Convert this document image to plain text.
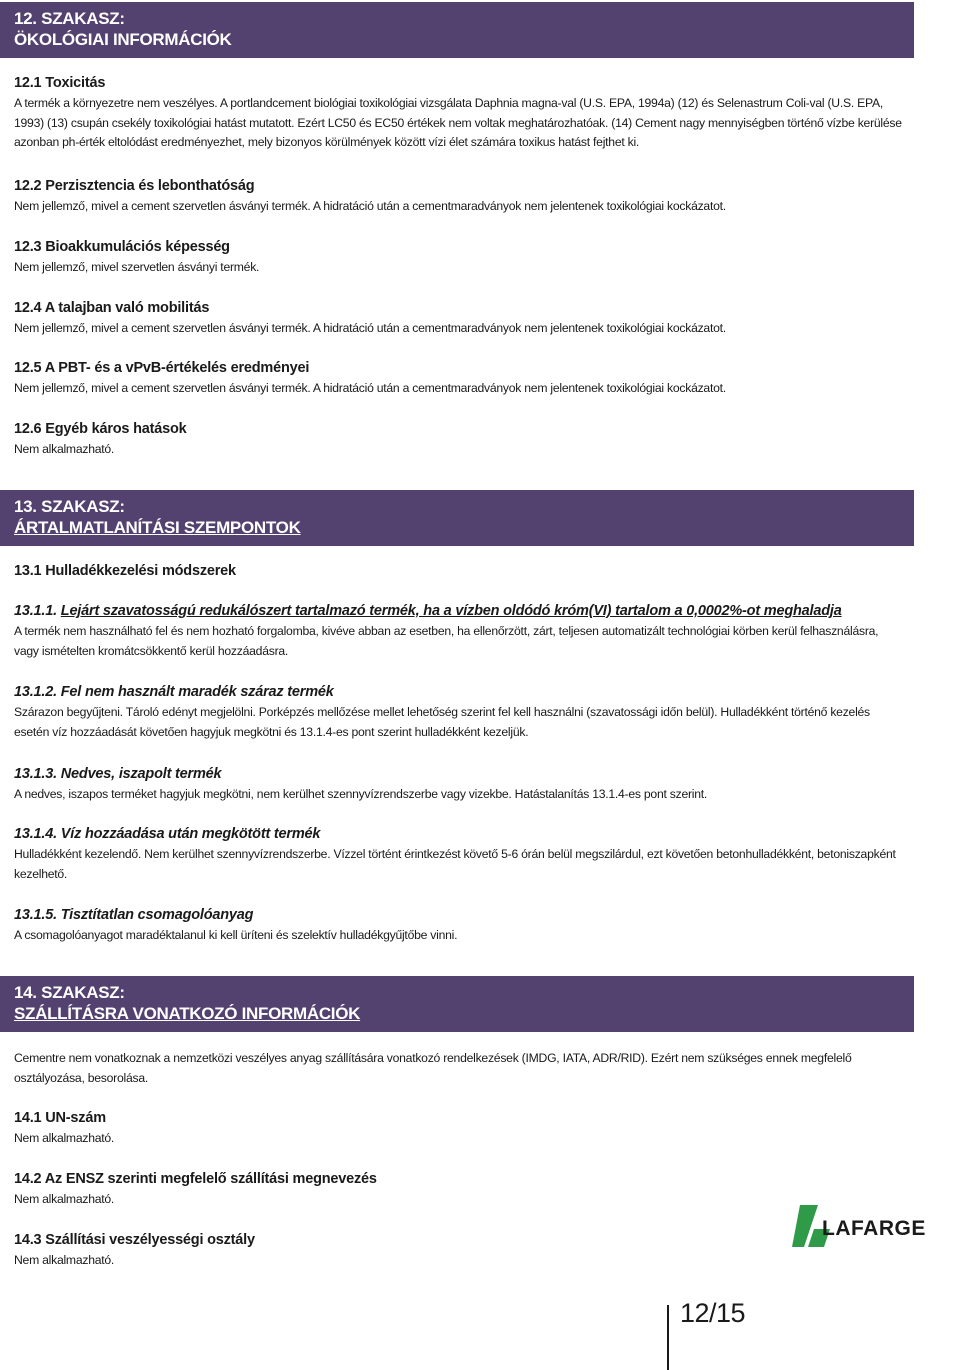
12. SZAKASZ:
ÖKOLÓGIAI INFORMÁCIÓK

12.1 Toxicitás

A termék a környezetre nem veszélyes. A portlandcement biológiai toxikológiai vizsgálata Daphnia magna-val (U.S. EPA, 1994a) (12) és Selenastrum Coli-val (U.S. EPA, 1993) (13) csupán csekély toxikológiai hatást mutatott. Ezért LC50 és EC50 értékek nem voltak meghatározhatóak. (14) Cement nagy mennyiségben történő vízbe kerülése azonban ph-érték eltolódást eredményezhet, mely bizonyos körülmények között vízi élet számára toxikus hatást fejthet ki.

12.2 Perzisztencia és lebonthatóság

Nem jellemző, mivel a cement szervetlen ásványi termék. A hidratáció után a cementmaradványok nem jelentenek toxikológiai kockázatot.

12.3 Bioakkumulációs képesség

Nem jellemző, mivel szervetlen ásványi termék.

12.4 A talajban való mobilitás

Nem jellemző, mivel a cement szervetlen ásványi termék. A hidratáció után a cementmaradványok nem jelentenek toxikológiai kockázatot.

12.5 A PBT- és a vPvB-értékelés eredményei

Nem jellemző, mivel a cement szervetlen ásványi termék. A hidratáció után a cementmaradványok nem jelentenek toxikológiai kockázatot.

12.6 Egyéb káros hatások

Nem alkalmazható.

13. SZAKASZ:
ÁRTALMATLANÍTÁSI SZEMPONTOK

13.1 Hulladékkezelési módszerek

13.1.1. Lejárt szavatosságú redukálószert tartalmazó termék, ha a vízben oldódó króm(VI) tartalom a 0,0002%-ot meghaladja

A termék nem használható fel és nem hozható forgalomba, kivéve abban az esetben, ha ellenőrzött, zárt, teljesen automatizált technológiai körben kerül felhasználásra, vagy ismételten kromátcsökkentő kerül hozzáadásra.

13.1.2. Fel nem használt maradék száraz termék

Szárazon begyűjteni. Tároló edényt megjelölni. Porképzés mellőzése mellet lehetőség szerint fel kell használni (szavatossági időn belül). Hulladékként történő kezelés esetén víz hozzáadását követően hagyjuk megkötni és 13.1.4-es pont szerint hulladékként kezeljük.

13.1.3. Nedves, iszapolt termék

A nedves, iszapos terméket hagyjuk megkötni, nem kerülhet szennyvízrendszerbe vagy vizekbe. Hatástalanítás 13.1.4-es pont szerint.

13.1.4. Víz hozzáadása után megkötött termék

Hulladékként kezelendő. Nem kerülhet szennyvízrendszerbe. Vízzel történt érintkezést követő 5-6 órán belül megszilárdul, ezt követően betonhulladékként, betoniszapként kezelhető.

13.1.5. Tisztítatlan csomagolóanyag

A csomagolóanyagot maradéktalanul ki kell üríteni és szelektív hulladékgyűjtőbe vinni.

14. SZAKASZ:
SZÁLLÍTÁSRA VONATKOZÓ INFORMÁCIÓK

Cementre nem vonatkoznak a nemzetközi veszélyes anyag szállítására vonatkozó rendelkezések (IMDG, IATA, ADR/RID). Ezért nem szükséges ennek megfelelő osztályozása, besorolása.

14.1 UN-szám

Nem alkalmazható.

14.2 Az ENSZ szerinti megfelelő szállítási megnevezés

Nem alkalmazható.

14.3 Szállítási veszélyességi osztály

Nem alkalmazható.

LAFARGE
12/15
